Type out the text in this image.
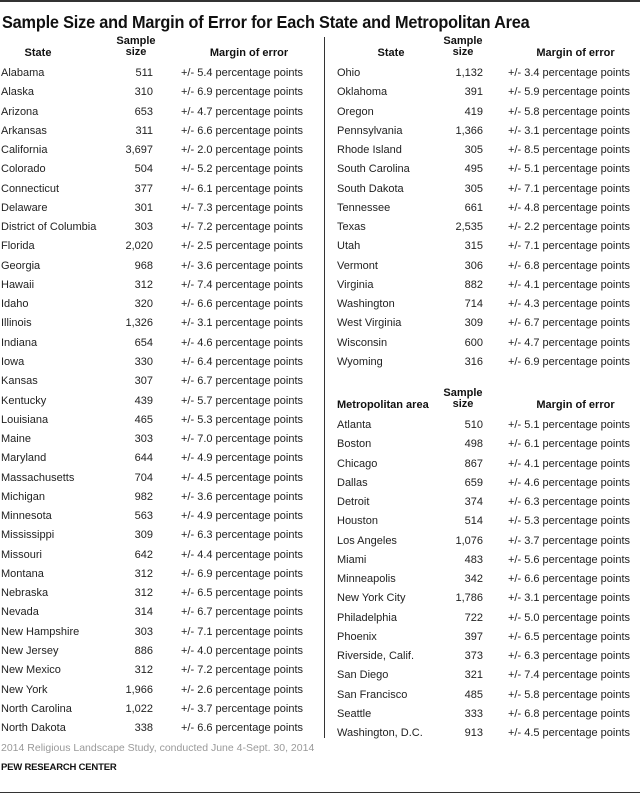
Sample Size and Margin of Error for Each State and Metropolitan Area
State
Sample
size	Margin of error
Alabama	511	+/- 5.4 percentage points
Alaska	310	+/- 6.9 percentage points
Arizona	653	+/- 4.7 percentage points
Arkansas	311	+/- 6.6 percentage points
California	3,697	+/- 2.0 percentage points
Colorado	504	+/- 5.2 percentage points
Connecticut	377	+/- 6.1 percentage points
Delaware	301	+/- 7.3 percentage points
District of Columbia	303	+/- 7.2 percentage points
Florida	2,020	+/- 2.5 percentage points
Georgia	968	+/- 3.6 percentage points
Hawaii	312	+/- 7.4 percentage points
Idaho	320	+/- 6.6 percentage points
Illinois	1,326	+/- 3.1 percentage points
Indiana	654	+/- 4.6 percentage points
Iowa	330	+/- 6.4 percentage points
Kansas	307	+/- 6.7 percentage points
Kentucky	439	+/- 5.7 percentage points
Louisiana	465	+/- 5.3 percentage points
Maine	303	+/- 7.0 percentage points
Maryland	644	+/- 4.9 percentage points
Massachusetts	704	+/- 4.5 percentage points
Michigan	982	+/- 3.6 percentage points
Minnesota	563	+/- 4.9 percentage points
Mississippi	309	+/- 6.3 percentage points
Missouri	642	+/- 4.4 percentage points
Montana	312	+/- 6.9 percentage points
Nebraska	312	+/- 6.5 percentage points
Nevada	314	+/- 6.7 percentage points
New Hampshire	303	+/- 7.1 percentage points
New Jersey	886	+/- 4.0 percentage points
New Mexico	312	+/- 7.2 percentage points
New York	1,966	+/- 2.6 percentage points
North Carolina	1,022	+/- 3.7 percentage points
North Dakota	338	+/- 6.6 percentage points
State
Sample
size	Margin of error
Ohio	1,132 +/- 3.4 percentage points
Oklahoma	391 +/- 5.9 percentage points
Oregon	419 +/- 5.8 percentage points
Pennsylvania	1,366 +/- 3.1 percentage points
Rhode Island	305 +/- 8.5 percentage points
South Carolina	495 +/- 5.1 percentage points
South Dakota	305 +/- 7.1 percentage points
Tennessee	661 +/- 4.8 percentage points
Texas	2,535 +/- 2.2 percentage points
Utah	315 +/- 7.1 percentage points
Vermont	306 +/- 6.8 percentage points
Virginia	882 +/- 4.1 percentage points
Washington	714 +/- 4.3 percentage points
West Virginia	309 +/- 6.7 percentage points
Wisconsin	600 +/- 4.7 percentage points
Wyoming	316 +/- 6.9 percentage points
Metropolitan area
Sample
size	Margin of error
Atlanta	510 +/- 5.1 percentage points
Boston	498 +/- 6.1 percentage points
Chicago	867 +/- 4.1 percentage points
Dallas	659 +/- 4.6 percentage points
Detroit	374 +/- 6.3 percentage points
Houston	514 +/- 5.3 percentage points
Los Angeles	1,076 +/- 3.7 percentage points
Miami	483 +/- 5.6 percentage points
Minneapolis	342 +/- 6.6 percentage points
New York City	1,786 +/- 3.1 percentage points
Philadelphia	722 +/- 5.0 percentage points
Phoenix	397 +/- 6.5 percentage points
Riverside, Calif.	373 +/- 6.3 percentage points
San Diego	321 +/- 7.4 percentage points
San Francisco	485 +/- 5.8 percentage points
Seattle	333 +/- 6.8 percentage points
Washington, D.C.	913 +/- 4.5 percentage points
2014 Religious Landscape Study, conducted June 4-Sept. 30, 2014
PEW RESEARCH CENTER
